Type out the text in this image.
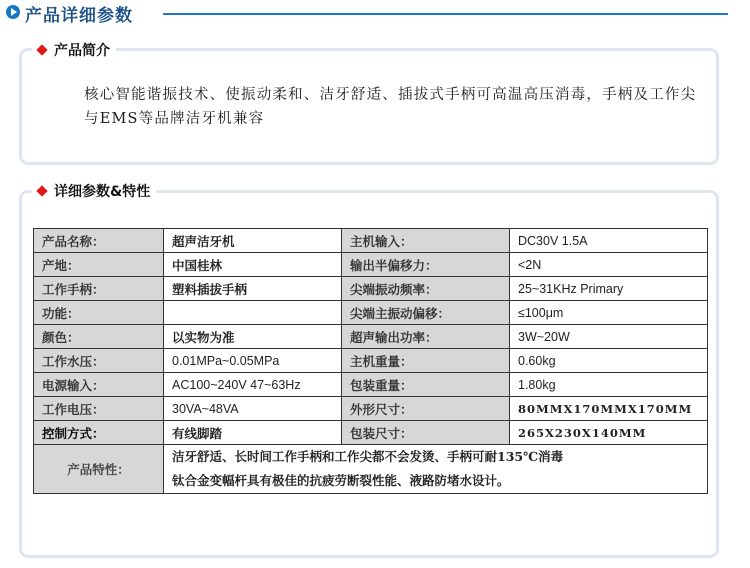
产品详细参数
产品简介
核心智能谐振技术、使振动柔和、洁牙舒适、插拔式手柄可高温高压消毒，手柄及工作尖与EMS等品牌洁牙机兼容
详细参数&特性
产品名称：	超声洁牙机	主机输入：	DC30V 1.5A
产地：	中国桂林	输出半偏移力：	<2N
工作手柄：	塑料插拔手柄	尖端振动频率：	25~31KHz Primary
功能：		尖端主振动偏移：	≤100μm
颜色：	以实物为准	超声输出功率：	3W~20W
工作水压：	0.01MPa~0.05MPa	主机重量：	0.60kg
电源输入：	AC100~240V 47~63Hz	包装重量：	1.80kg
工作电压：	30VA~48VA	外形尺寸：	80MMX170MMX170MM
控制方式：	有线脚踏	包装尺寸：	265X230X140MM
产品特性：	洁牙舒适、长时间工作手柄和工作尖都不会发烫、手柄可耐135℃消毒
钛合金变幅杆具有极佳的抗疲劳断裂性能、液路防堵水设计。		
